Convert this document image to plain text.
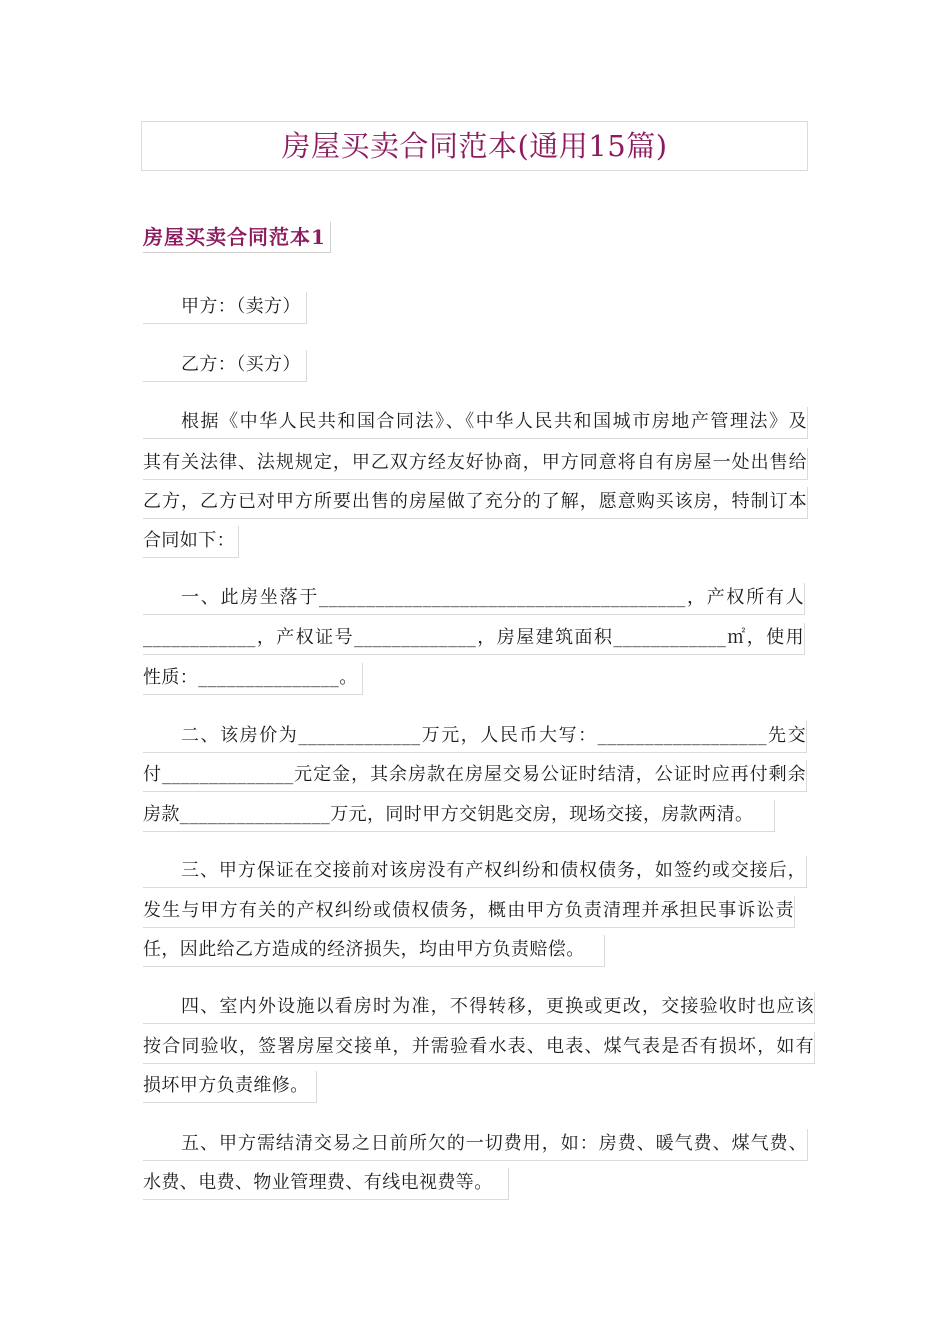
房屋买卖合同范本(通用15篇)
房屋买卖合同范本1
甲方：（卖方）
乙方：（买方）
根据《中华人民共和国合同法》、《中华人民共和国城市房地产管理法》及
其有关法律、法规规定，甲乙双方经友好协商，甲方同意将自有房屋一处出售给
乙方，乙方已对甲方所要出售的房屋做了充分的了解，愿意购买该房，特制订本
合同如下：
一、此房坐落于_______________________________________，产权所有人
____________，产权证号_____________，房屋建筑面积____________㎡，使用
性质：_______________。
二、该房价为_____________万元，人民币大写：__________________先交
付______________元定金，其余房款在房屋交易公证时结清，公证时应再付剩余
房款________________万元，同时甲方交钥匙交房，现场交接，房款两清。
三、甲方保证在交接前对该房没有产权纠纷和债权债务，如签约或交接后，
发生与甲方有关的产权纠纷或债权债务，概由甲方负责清理并承担民事诉讼责
任，因此给乙方造成的经济损失，均由甲方负责赔偿。
四、室内外设施以看房时为准，不得转移，更换或更改，交接验收时也应该
按合同验收，签署房屋交接单，并需验看水表、电表、煤气表是否有损坏，如有
损坏甲方负责维修。
五、甲方需结清交易之日前所欠的一切费用，如：房费、暖气费、煤气费、
水费、电费、物业管理费、有线电视费等。
